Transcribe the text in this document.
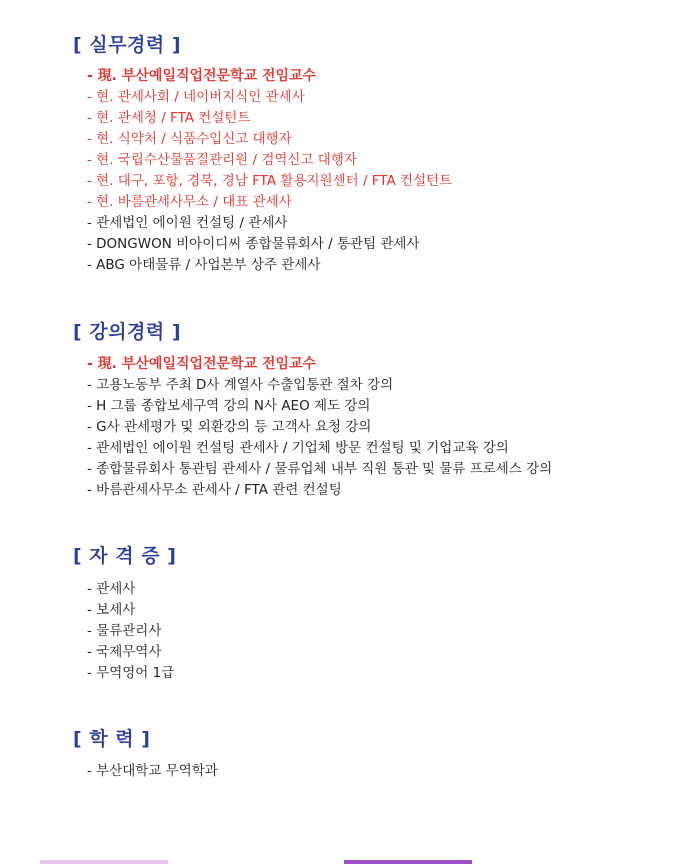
[ 실무경력 ]
- 現. 부산예일직업전문학교 전임교수
- 현. 관세사회 / 네이버지식인 관세사
- 현. 관세청 / FTA 컨설턴트
- 현. 식약처 / 식품수입신고 대행자
- 현. 국립수산물품질관리원 / 검역신고 대행자
- 현. 대구, 포항, 경북, 경남 FTA 활용지원센터 / FTA 컨설턴트
- 현. 바름관세사무소 / 대표 관세사
- 관세법인 에이원 컨설팅 / 관세사
- DONGWON 비아이디씨 종합물류회사 / 통관팀 관세사
- ABG 아태물류 / 사업본부 상주 관세사
[ 강의경력 ]
- 現. 부산예일직업전문학교 전임교수
- 고용노동부 주최 D사 계열사 수출입통관 절차 강의
- H 그룹 종합보세구역 강의 N사 AEO 제도 강의
- G사 관세평가 및 외환강의 등 고객사 요청 강의
- 관세법인 에이원 컨설팅 관세사 / 기업체 방문 컨설팅 및 기업교육 강의
- 종합물류회사 통관팀 관세사 / 물류업체 내부 직원 통관 및 물류 프로세스 강의
- 바름관세사무소 관세사 / FTA 관련 컨설팅
[ 자 격 증 ]
- 관세사
- 보세사
- 물류관리사
- 국제무역사
- 무역영어 1급
[ 학 력 ]
- 부산대학교 무역학과
